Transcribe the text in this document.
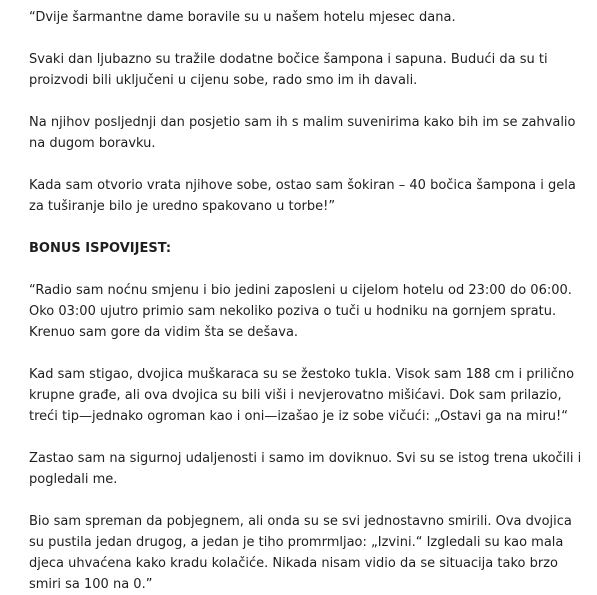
“Dvije šarmantne dame boravile su u našem hotelu mjesec dana.

Svaki dan ljubazno su tražile dodatne bočice šampona i sapuna. Budući da su ti proizvodi bili uključeni u cijenu sobe, rado smo im ih davali.

Na njihov posljednji dan posjetio sam ih s malim suvenirima kako bih im se zahvalio na dugom boravku.

Kada sam otvorio vrata njihove sobe, ostao sam šokiran – 40 bočica šampona i gela za tuširanje bilo je uredno spakovano u torbe!”

BONUS ISPOVIJEST:

“Radio sam noćnu smjenu i bio jedini zaposleni u cijelom hotelu od 23:00 do 06:00. Oko 03:00 ujutro primio sam nekoliko poziva o tuči u hodniku na gornjem spratu. Krenuo sam gore da vidim šta se dešava.

Kad sam stigao, dvojica muškaraca su se žestoko tukla. Visok sam 188 cm i prilično krupne građe, ali ova dvojica su bili viši i nevjerovatno mišićavi. Dok sam prilazio, treći tip—jednako ogroman kao i oni—izašao je iz sobe vičući: „Ostavi ga na miru!“

Zastao sam na sigurnoj udaljenosti i samo im doviknuo. Svi su se istog trena ukočili i pogledali me.

Bio sam spreman da pobjegnem, ali onda su se svi jednostavno smirili. Ova dvojica su pustila jedan drugog, a jedan je tiho promrmljao: „Izvini.“ Izgledali su kao mala djeca uhvaćena kako kradu kolačiće. Nikada nisam vidio da se situacija tako brzo smiri sa 100 na 0.”
